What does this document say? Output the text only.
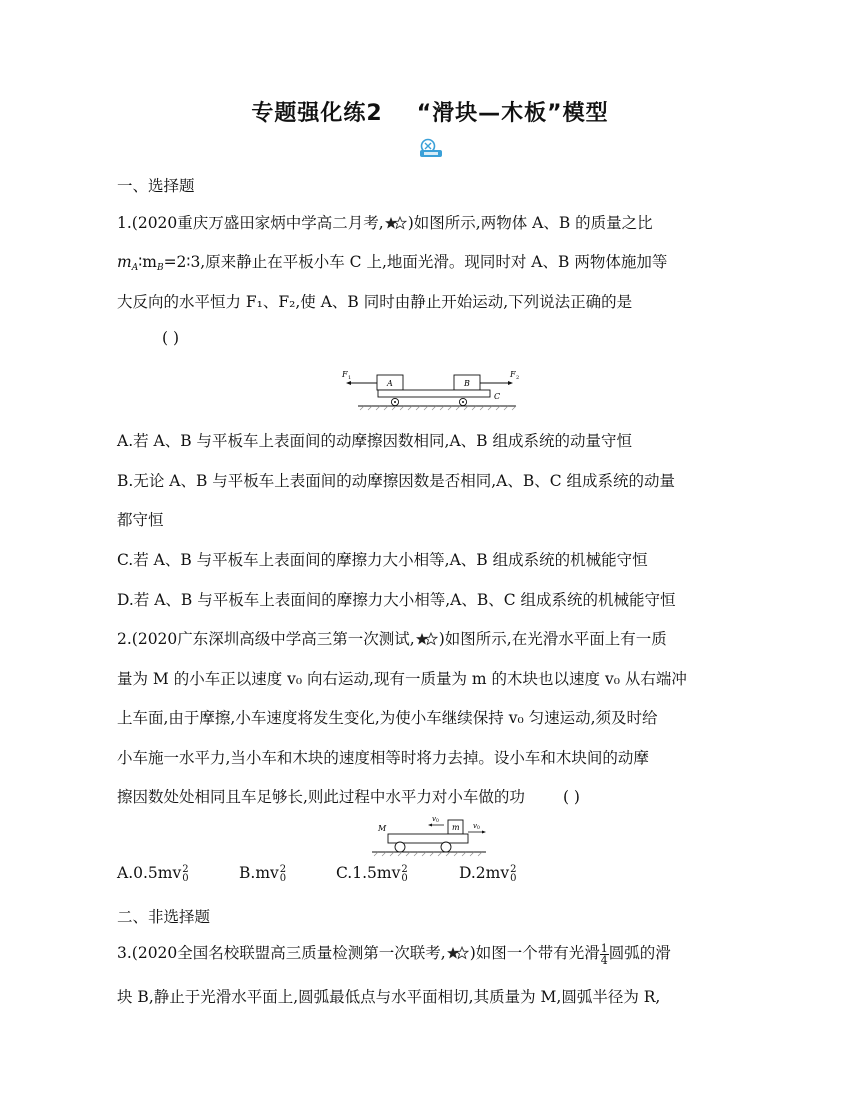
专题强化练2 “滑块—木板”模型
一、选择题
1.(2020重庆万盛田家炳中学高二月考, )如图所示,两物体 A、B 的质量之比
$m_A∶m_B=2∶3$,原来静止在平板小车 C 上,地面光滑。现同时对 A、B 两物体施加等
大反向的水平恒力 F₁、F₂,使 A、B 同时由静止开始运动,下列说法正确的是
( )
F 1	F 2
A	B
C
A.若 A、B 与平板车上表面间的动摩擦因数相同,A、B 组成系统的动量守恒
B.无论 A、B 与平板车上表面间的动摩擦因数是否相同,A、B、C 组成系统的动量
都守恒
C.若 A、B 与平板车上表面间的摩擦力大小相等,A、B 组成系统的机械能守恒
D.若 A、B 与平板车上表面间的摩擦力大小相等,A、B、C 组成系统的机械能守恒
2.(2020广东深圳高级中学高三第一次测试, )如图所示,在光滑水平面上有一质
量为 M 的小车正以速度 v₀ 向右运动,现有一质量为 m 的木块也以速度 v₀ 从右端冲
上车面,由于摩擦,小车速度将发生变化,为使小车继续保持 v₀ 匀速运动,须及时给
小车施一水平力,当小车和木块的速度相等时将力去掉。设小车和木块间的动摩
擦因数处处相同且车足够长,则此过程中水平力对小车做的功 ( )
M	m
v 0
v 0
A.0.5mv 2
0	B.mv 2
0	C.1.5mv 2
0	D.2mv 2
0
二、非选择题
3.(2020全国名校联盟高三质量检测第一次联考, )如图一个带有光滑 $\frac{1}{4}$ 圆弧的滑
块 B,静止于光滑水平面上,圆弧最低点与水平面相切,其质量为 M,圆弧半径为 R,
